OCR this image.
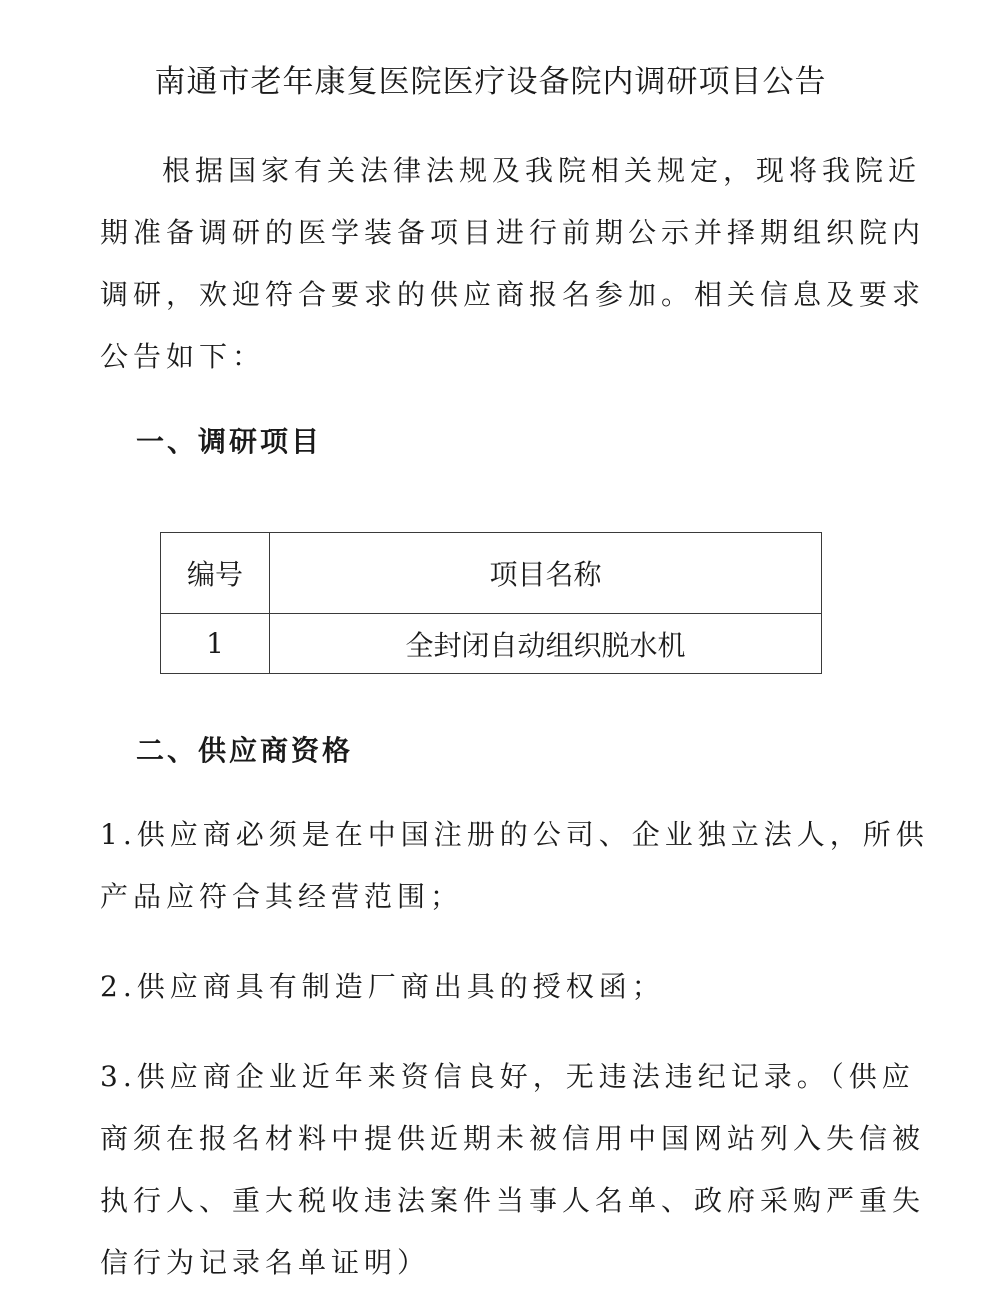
南通市老年康复医院医疗设备院内调研项目公告
根据国家有关法律法规及我院相关规定，现将我院近
期准备调研的医学装备项目进行前期公示并择期组织院内
调研，欢迎符合要求的供应商报名参加。相关信息及要求
公告如下：
一、调研项目
编号	项目名称
1	全封闭自动组织脱水机
二、供应商资格
1.供应商必须是在中国注册的公司、企业独立法人，所供
产品应符合其经营范围；
2.供应商具有制造厂商出具的授权函；
3.供应商企业近年来资信良好，无违法违纪记录。（供应
商须在报名材料中提供近期未被信用中国网站列入失信被
执行人、重大税收违法案件当事人名单、政府采购严重失
信行为记录名单证明）
